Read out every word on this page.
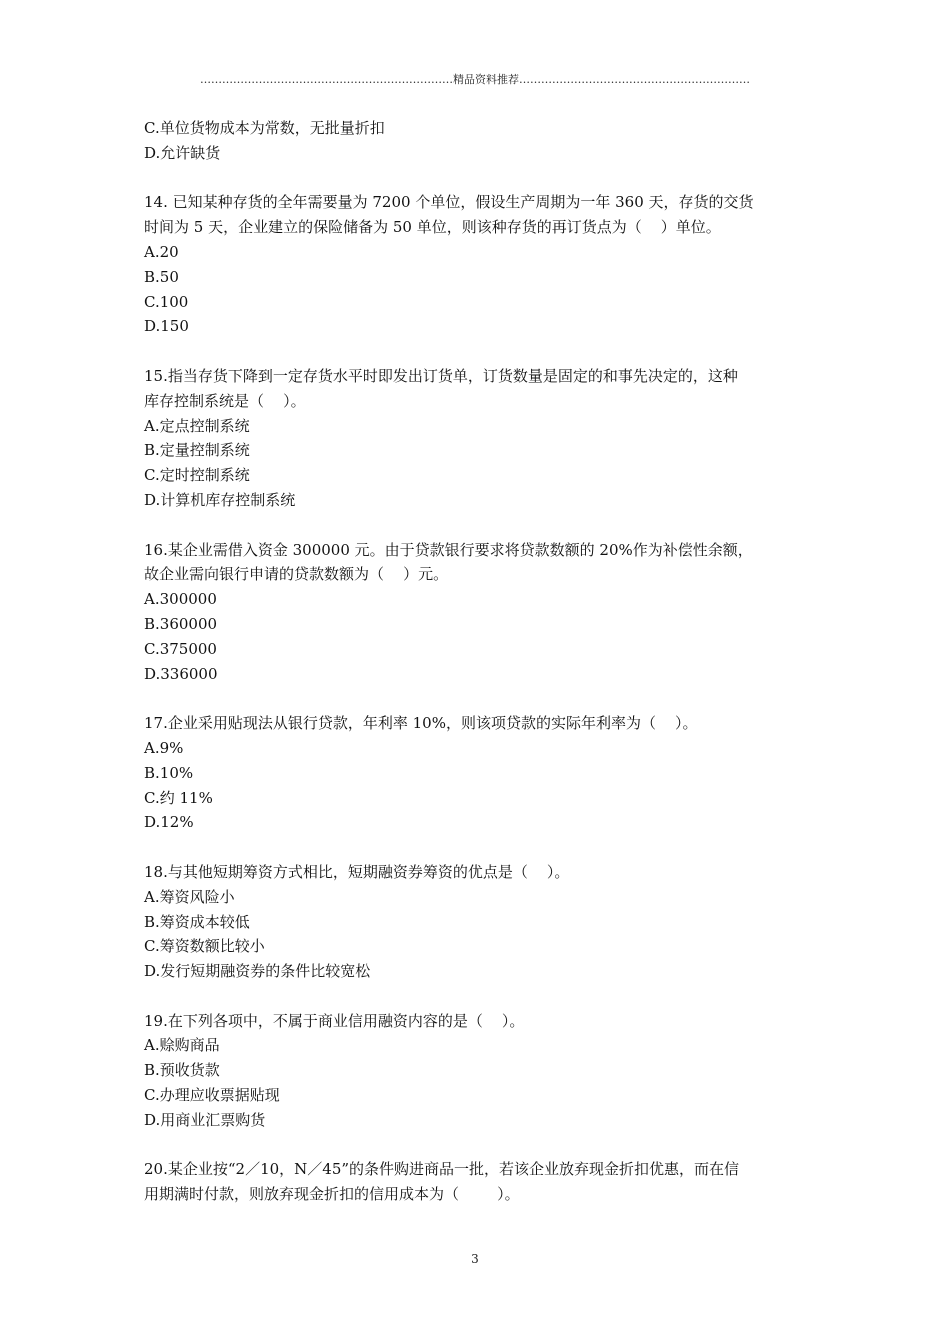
……………………………………………………………精品资料推荐………………………………………………………
C.单位货物成本为常数，无批量折扣
D.允许缺货
14. 已知某种存货的全年需要量为 7200 个单位，假设生产周期为一年 360 天，存货的交货
时间为 5 天，企业建立的保险储备为 50 单位，则该种存货的再订货点为（    ）单位。
A.20
B.50
C.100
D.150
15.指当存货下降到一定存货水平时即发出订货单，订货数量是固定的和事先决定的，这种
库存控制系统是（    ）。
A.定点控制系统
B.定量控制系统
C.定时控制系统
D.计算机库存控制系统
16.某企业需借入资金 300000 元。由于贷款银行要求将贷款数额的 20%作为补偿性余额，
故企业需向银行申请的贷款数额为（    ）元。
A.300000
B.360000
C.375000
D.336000
17.企业采用贴现法从银行贷款，年利率 10%，则该项贷款的实际年利率为（    ）。
A.9%
B.10%
C.约 11%
D.12%
18.与其他短期筹资方式相比，短期融资券筹资的优点是（    ）。
A.筹资风险小
B.筹资成本较低
C.筹资数额比较小
D.发行短期融资券的条件比较宽松
19.在下列各项中，不属于商业信用融资内容的是（    ）。
A.赊购商品
B.预收货款
C.办理应收票据贴现
D.用商业汇票购货
20.某企业按“2／10，N／45”的条件购进商品一批，若该企业放弃现金折扣优惠，而在信
用期满时付款，则放弃现金折扣的信用成本为（        ）。
3
